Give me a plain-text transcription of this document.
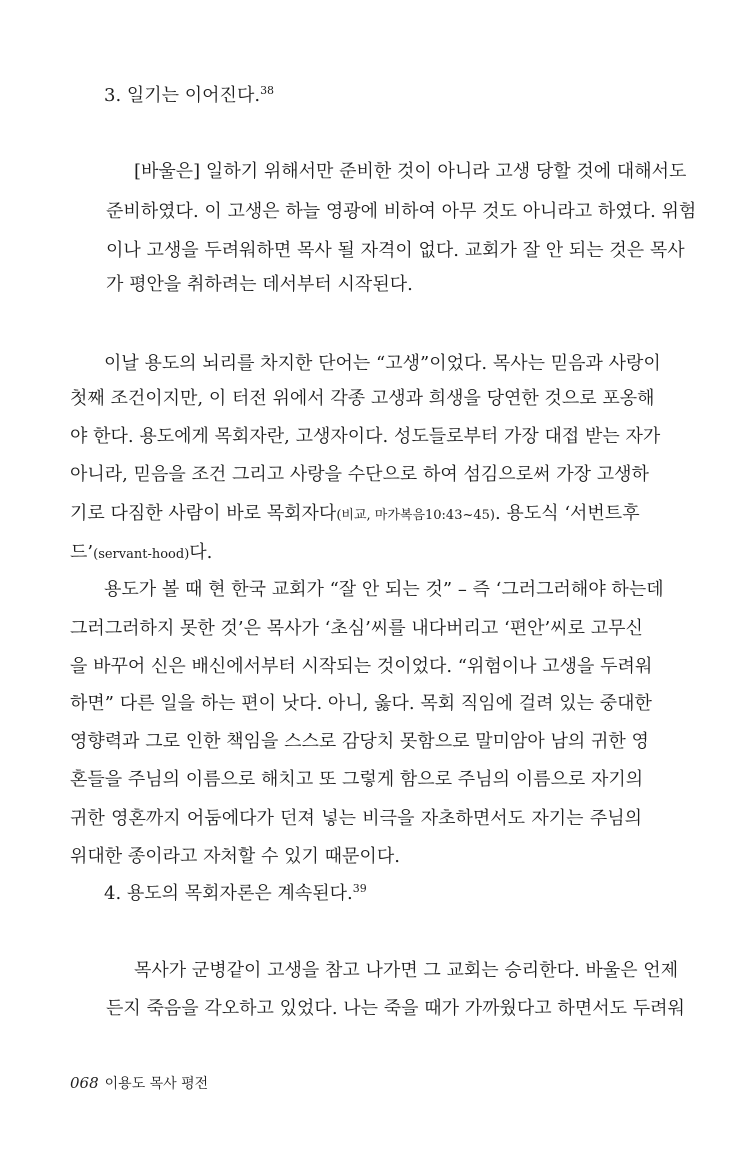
3. 일기는 이어진다.$^{38}$
[바울은] 일하기 위해서만 준비한 것이 아니라 고생 당할 것에 대해서도
준비하였다. 이 고생은 하늘 영광에 비하여 아무 것도 아니라고 하였다. 위험
이나 고생을 두려워하면 목사 될 자격이 없다. 교회가 잘 안 되는 것은 목사
가 평안을 취하려는 데서부터 시작된다.
이날 용도의 뇌리를 차지한 단어는 “고생”이었다. 목사는 믿음과 사랑이
첫째 조건이지만, 이 터전 위에서 각종 고생과 희생을 당연한 것으로 포옹해
야 한다. 용도에게 목회자란, 고생자이다. 성도들로부터 가장 대접 받는 자가
아니라, 믿음을 조건 그리고 사랑을 수단으로 하여 섬김으로써 가장 고생하
기로 다짐한 사람이 바로 목회자다(비교, 마가복음10:43~45). 용도식 ‘서번트후
드’(servant-hood)다.
용도가 볼 때 현 한국 교회가 “잘 안 되는 것” – 즉 ‘그러그러해야 하는데
그러그러하지 못한 것’은 목사가 ‘초심’씨를 내다버리고 ‘편안’씨로 고무신
을 바꾸어 신은 배신에서부터 시작되는 것이었다. “위험이나 고생을 두려워
하면” 다른 일을 하는 편이 낫다. 아니, 옳다. 목회 직임에 걸려 있는 중대한
영향력과 그로 인한 책임을 스스로 감당치 못함으로 말미암아 남의 귀한 영
혼들을 주님의 이름으로 해치고 또 그렇게 함으로 주님의 이름으로 자기의
귀한 영혼까지 어둠에다가 던져 넣는 비극을 자초하면서도 자기는 주님의
위대한 종이라고 자처할 수 있기 때문이다.
4. 용도의 목회자론은 계속된다.$^{39}$
목사가 군병같이 고생을 참고 나가면 그 교회는 승리한다. 바울은 언제
든지 죽음을 각오하고 있었다. 나는 죽을 때가 가까웠다고 하면서도 두려워
068 이용도 목사 평전
